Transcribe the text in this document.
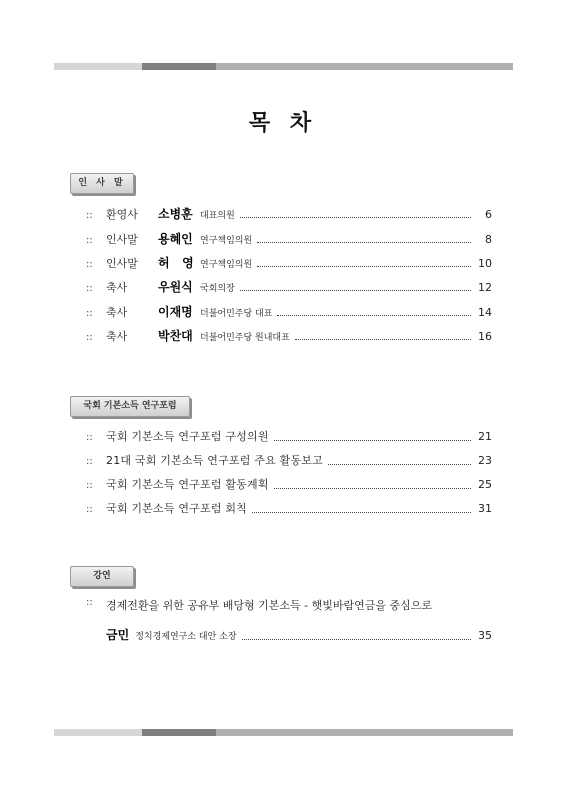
목 차
인 사 말
::	환영사	소병훈 대표의원	6
::	인사말	용혜인 연구책임의원	8
::	인사말	허   영 연구책임의원	10
::	축사	우원식 국회의장	12
::	축사	이재명 더불어민주당 대표	14
::	축사	박찬대 더불어민주당 원내대표	16
국회 기본소득 연구포럼
::	국회 기본소득 연구포럼 구성의원	21
::	21대 국회 기본소득 연구포럼 주요 활동보고	23
::	국회 기본소득 연구포럼 활동계획	25
::	국회 기본소득 연구포럼 회칙	31
강연
::	경제전환을 위한 공유부 배당형 기본소득 - 햇빛바람연금을 중심으로
금민 정치경제연구소 대안 소장	35
